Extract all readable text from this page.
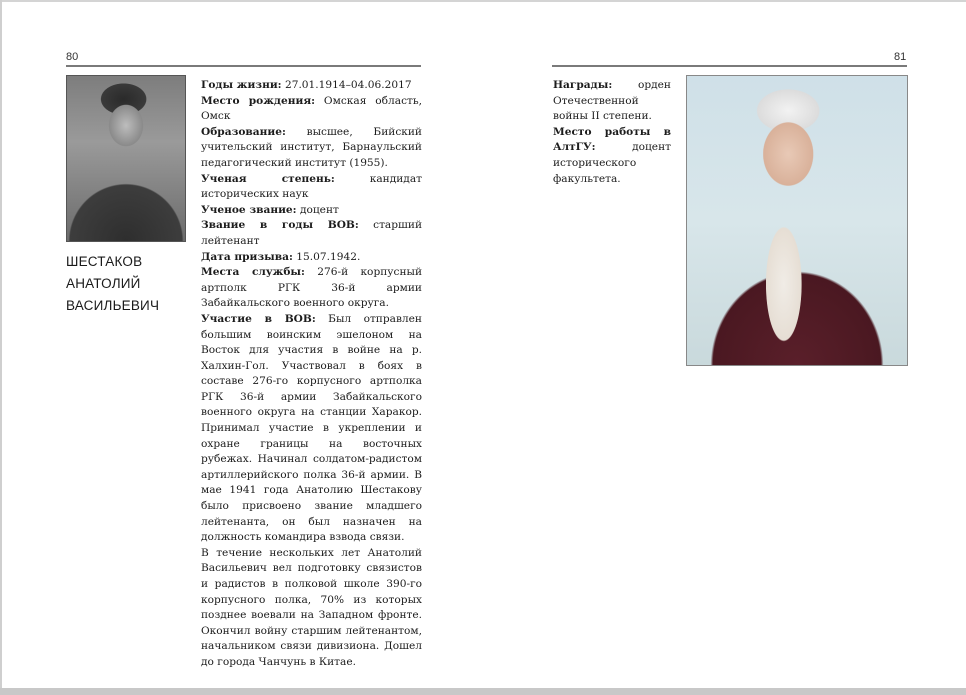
80
ШЕСТАКОВ
АНАТОЛИЙ
ВАСИЛЬЕВИЧ

Годы жизни: 27.01.1914–04.06.2017

Место рождения: Омская область, Омск

Образование: высшее, Бийский учительский институт, Барнаульский педагогический институт (1955).

Ученая степень: кандидат исторических наук

Ученое звание: доцент

Звание в годы ВОВ: старший лейтенант

Дата призыва: 15.07.1942.

Места службы: 276-й корпусный артполк РГК 36-й армии Забайкальского военного округа.

Участие в ВОВ: Был отправлен большим воинским эшелоном на Восток для участия в войне на р. Халхин-Гол. Участвовал в боях в составе 276-го корпусного артполка РГК 36-й армии Забайкальского военного округа на станции Харакор. Принимал участие в укреплении и охране границы на восточных рубежах. Начинал солдатом-радистом артиллерийского полка 36-й армии. В мае 1941 года Анатолию Шестакову было присвоено звание младшего лейтенанта, он был назначен на должность командира взвода связи.

В течение нескольких лет Анатолий Васильевич вел подготовку связистов и радистов в полковой школе 390-го корпусного полка, 70% из которых позднее воевали на Западном фронте. Окончил войну старшим лейтенантом, начальником связи дивизиона. Дошел до города Чанчунь в Китае.

81

Награды: орден Отечественной войны II степени.

Место работы в АлтГУ: доцент исторического факультета.
